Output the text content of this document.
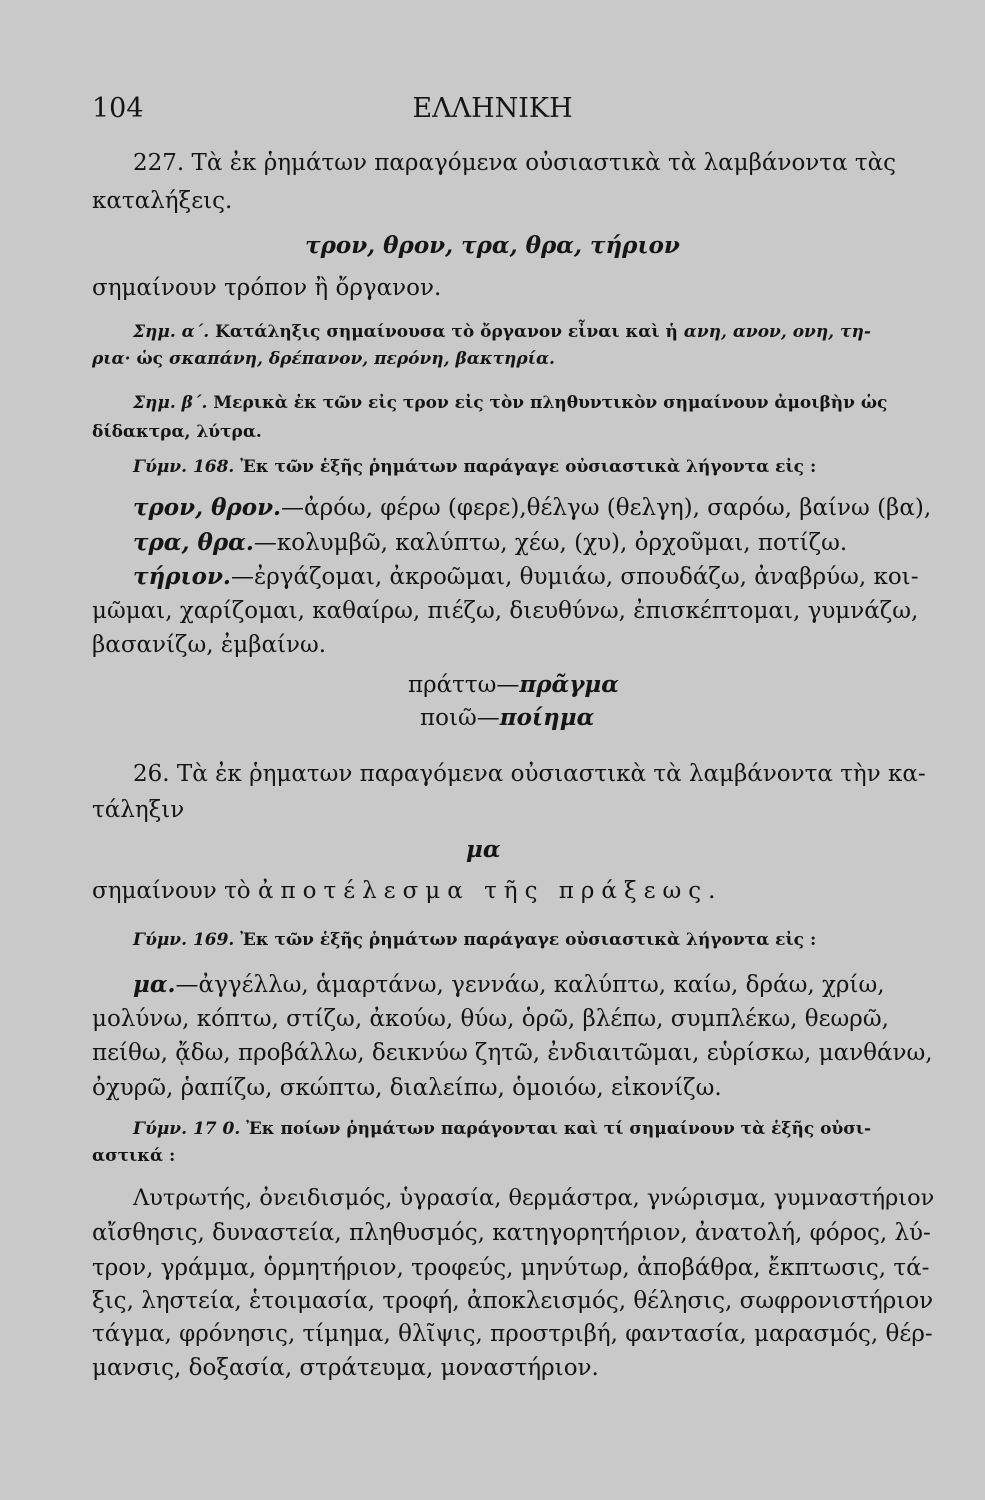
104	ΕΛΛΗΝΙΚΗ
227. Τὰ ἐκ ῥημάτων παραγόμενα οὐσιαστικὰ τὰ λαμβάνοντα τὰς
καταλήξεις.
τρον, θρον, τρα, θρα, τήριον
σημαίνουν τρόπον ἢ ὄργανον.
Σημ. α΄. Κατάληξις σημαίνουσα τὸ ὄργανον εἶναι καὶ ἡ ανη, ανον, ονη, τη-
ρια· ὡς σκαπάνη, δρέπανον, περόνη, βακτηρία.
Σημ. β΄. Μερικὰ ἐκ τῶν εἰς τρον εἰς τὸν πληθυντικὸν σημαίνουν ἀμοιβὴν ὡς
δίδακτρα, λύτρα.
Γύμν. 168. Ἐκ τῶν ἑξῆς ῥημάτων παράγαγε οὐσιαστικὰ λήγοντα εἰς :
τρον, θρον.—ἀρόω, φέρω (φερε),θέλγω (θελγη), σαρόω, βαίνω (βα),
τρα, θρα.—κολυμβῶ, καλύπτω, χέω, (χυ), ὀρχοῦμαι, ποτίζω.
τήριον.—ἐργάζομαι, ἀκροῶμαι, θυμιάω, σπουδάζω, ἀναβρύω, κοι-
μῶμαι, χαρίζομαι, καθαίρω, πιέζω, διευθύνω, ἐπισκέπτομαι, γυμνάζω,
βασανίζω, ἐμβαίνω.
πράττω—πρᾶγμα
ποιῶ—ποίημα
26. Τὰ ἐκ ῥηματων παραγόμενα οὐσιαστικὰ τὰ λαμβάνοντα τὴν κα-
τάληξιν
μα
σημαίνουν τὸ ἀποτέλεσμα τῆς πράξεως.
Γύμν. 169. Ἐκ τῶν ἑξῆς ῥημάτων παράγαγε οὐσιαστικὰ λήγοντα εἰς :
μα.—ἀγγέλλω, ἁμαρτάνω, γεννάω, καλύπτω, καίω, δράω, χρίω,
μολύνω, κόπτω, στίζω, ἀκούω, θύω, ὁρῶ, βλέπω, συμπλέκω, θεωρῶ,
πείθω, ᾄδω, προβάλλω, δεικνύω ζητῶ, ἐνδιαιτῶμαι, εὑρίσκω, μανθάνω,
ὀχυρῶ, ῥαπίζω, σκώπτω, διαλείπω, ὁμοιόω, εἰκονίζω.
Γύμν. 17 0. Ἐκ ποίων ῥημάτων παράγονται καὶ τί σημαίνουν τὰ ἑξῆς οὐσι-
αστικά :
Λυτρωτής, ὀνειδισμός, ὑγρασία, θερμάστρα, γνώρισμα, γυμναστήριον
αἴσθησις, δυναστεία, πληθυσμός, κατηγορητήριον, ἀνατολή, φόρος, λύ-
τρον, γράμμα, ὁρμητήριον, τροφεύς, μηνύτωρ, ἀποβάθρα, ἔκπτωσις, τά-
ξις, ληστεία, ἑτοιμασία, τροφή, ἀποκλεισμός, θέλησις, σωφρονιστήριον
τάγμα, φρόνησις, τίμημα, θλῖψις, προστριβή, φαντασία, μαρασμός, θέρ-
μανσις, δοξασία, στράτευμα, μοναστήριον.
